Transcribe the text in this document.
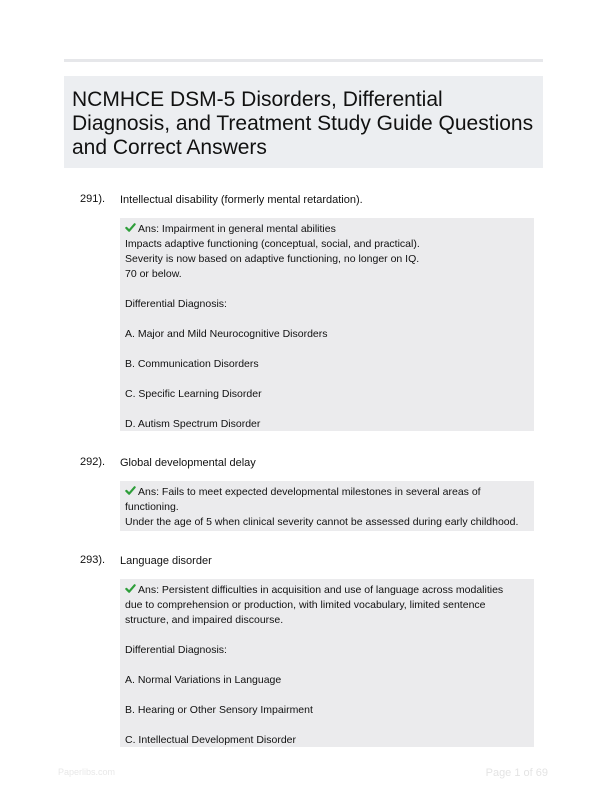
NCMHCE DSM-5 Disorders, Differential Diagnosis, and Treatment Study Guide Questions and Correct Answers
291). Intellectual disability (formerly mental retardation).

Ans: Impairment in general mental abilities

Impacts adaptive functioning (conceptual, social, and practical).

Severity is now based on adaptive functioning, no longer on IQ.

70 or below.

Differential Diagnosis:

A. Major and Mild Neurocognitive Disorders

B. Communication Disorders

C. Specific Learning Disorder

D. Autism Spectrum Disorder

292). Global developmental delay

Ans: Fails to meet expected developmental milestones in several areas of

functioning.

Under the age of 5 when clinical severity cannot be assessed during early childhood.

293). Language disorder

Ans: Persistent difficulties in acquisition and use of language across modalities

due to comprehension or production, with limited vocabulary, limited sentence

structure, and impaired discourse.

Differential Diagnosis:

A. Normal Variations in Language

B. Hearing or Other Sensory Impairment

C. Intellectual Development Disorder

Paperlibs.com	Page 1 of 69
